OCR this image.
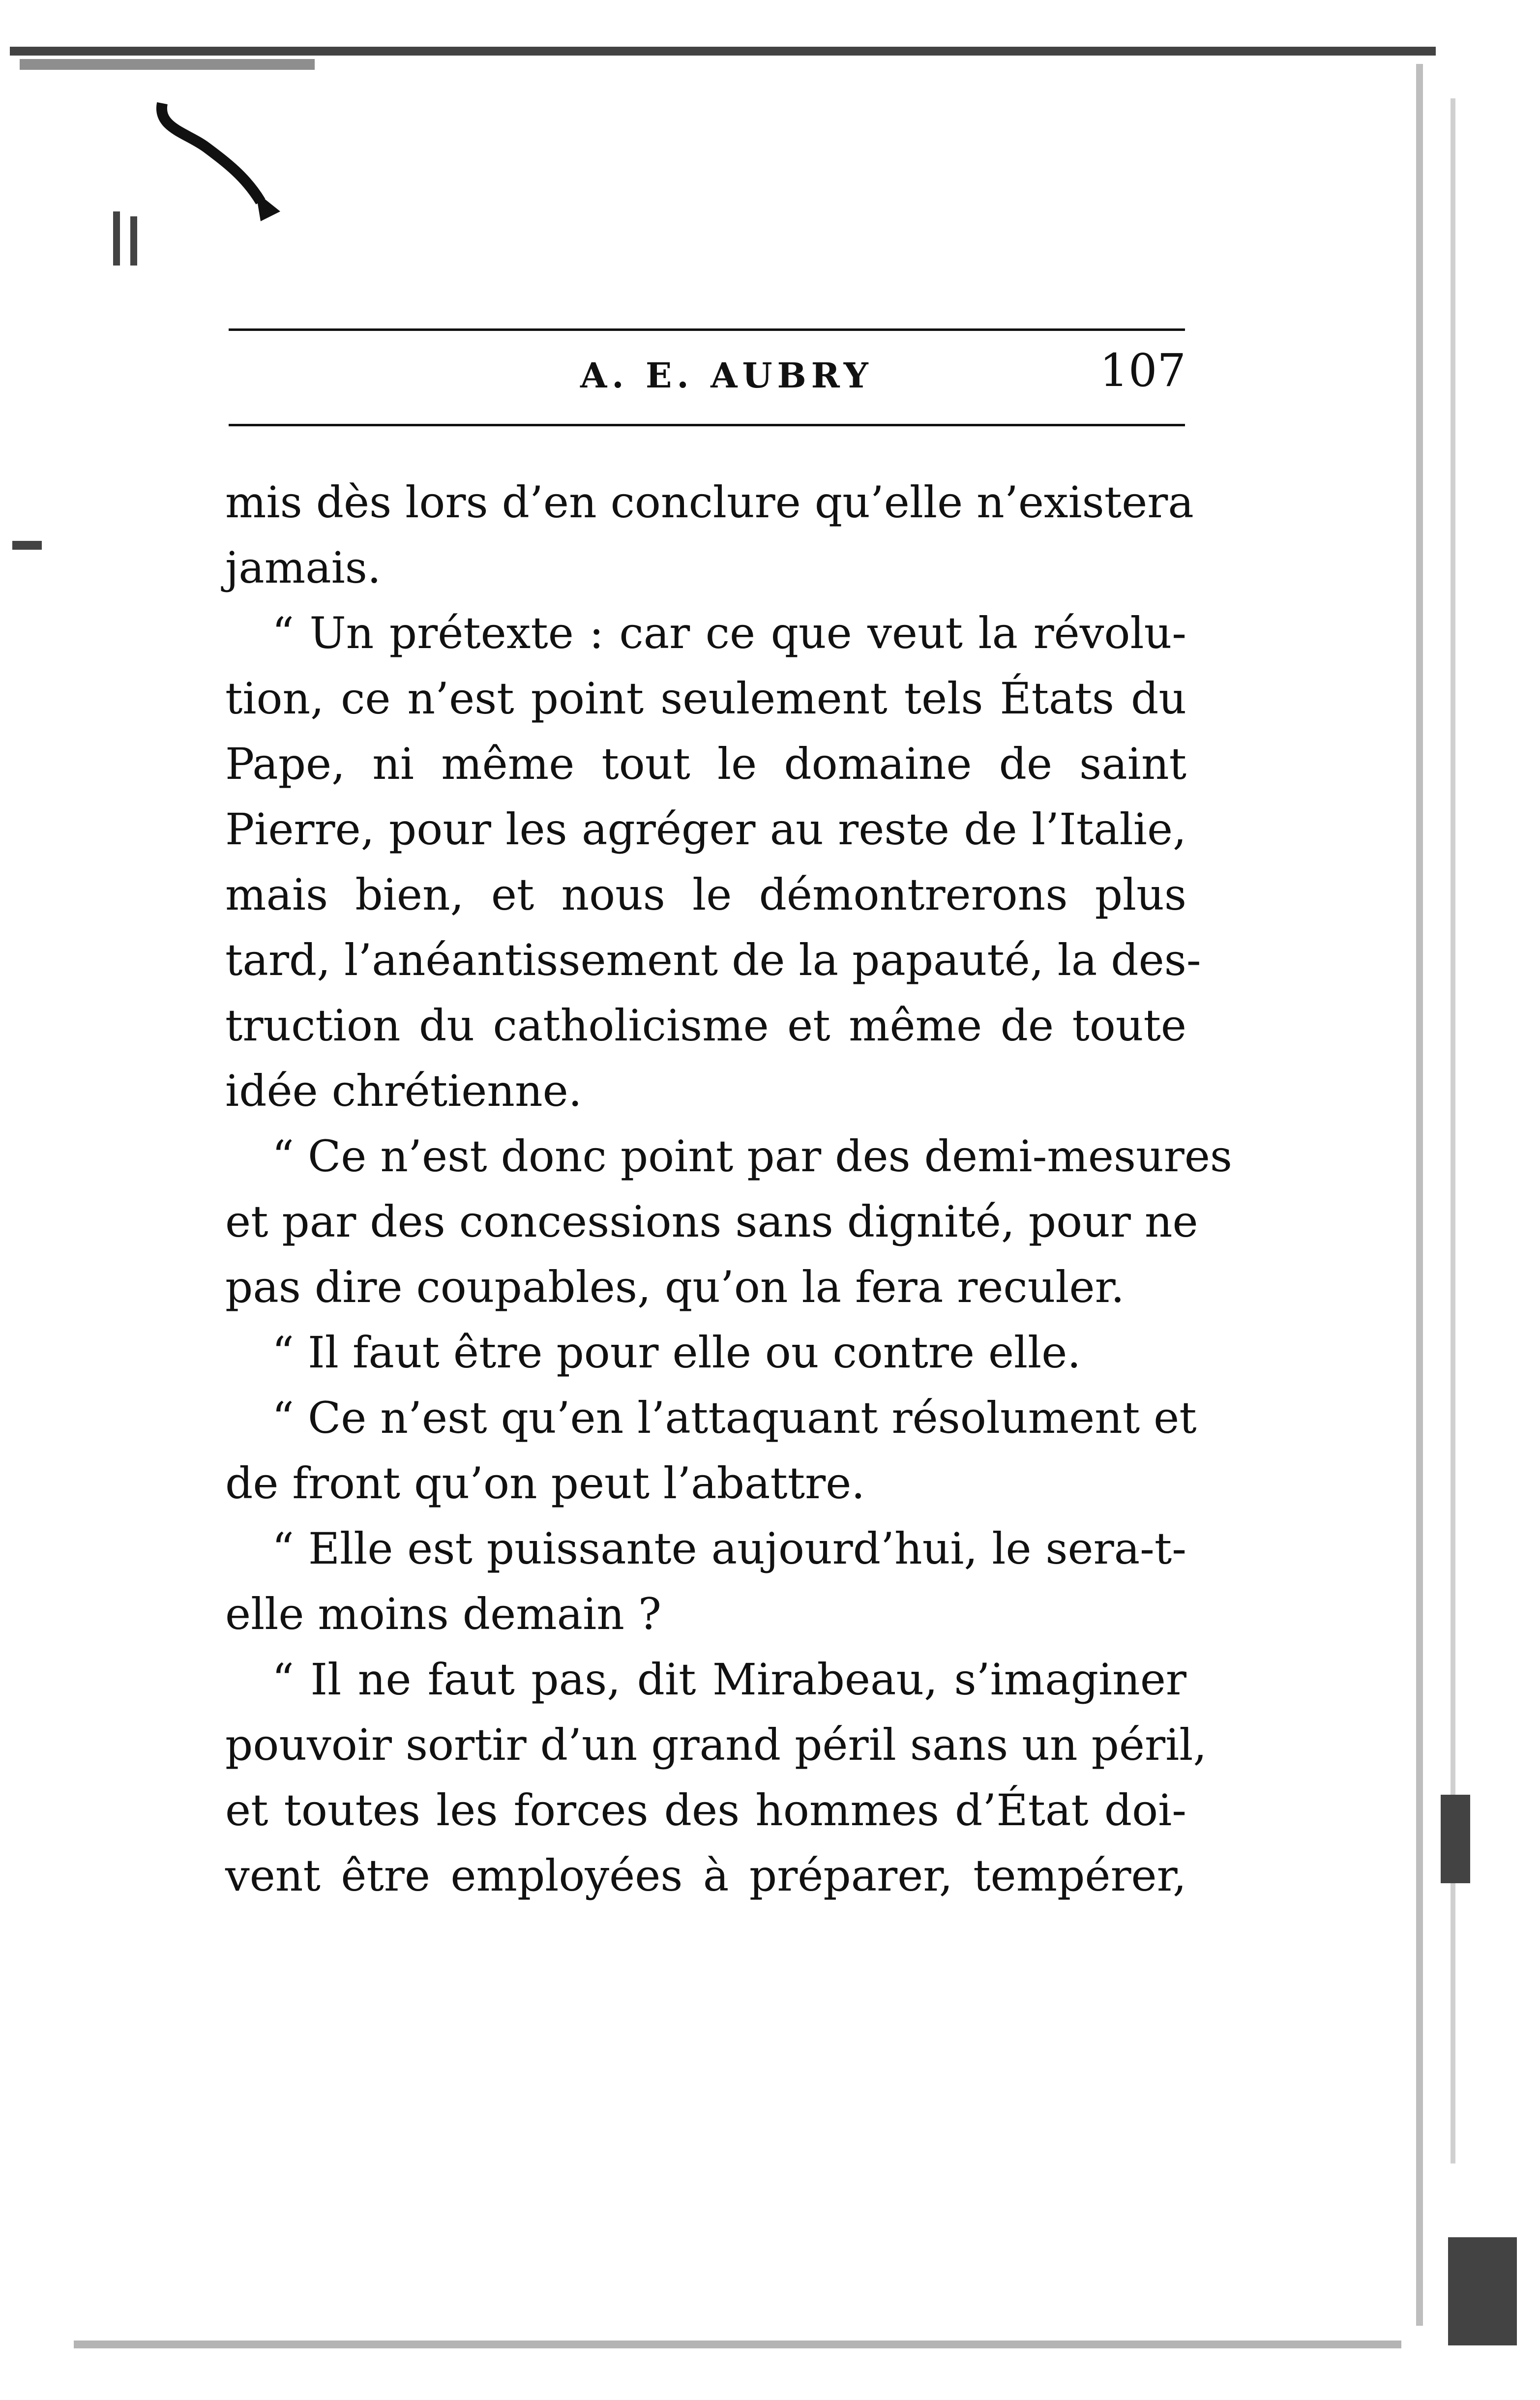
A. E. AUBRY	107
mis dès lors d’en conclure qu’elle n’existera
jamais.
“ Un prétexte : car ce que veut la révolu-
tion, ce n’est point seulement tels États du
Pape, ni même tout le domaine de saint
Pierre, pour les agréger au reste de l’Italie,
mais bien, et nous le démontrerons plus
tard, l’anéantissement de la papauté, la des-
truction du catholicisme et même de toute
idée chrétienne.
“ Ce n’est donc point par des demi-mesures
et par des concessions sans dignité, pour ne
pas dire coupables, qu’on la fera reculer.
“ Il faut être pour elle ou contre elle.
“ Ce n’est qu’en l’attaquant résolument et
de front qu’on peut l’abattre.
“ Elle est puissante aujourd’hui, le sera-t-
elle moins demain ?
“ Il ne faut pas, dit Mirabeau, s’imaginer
pouvoir sortir d’un grand péril sans un péril,
et toutes les forces des hommes d’État doi-
vent être employées à préparer, tempérer,
